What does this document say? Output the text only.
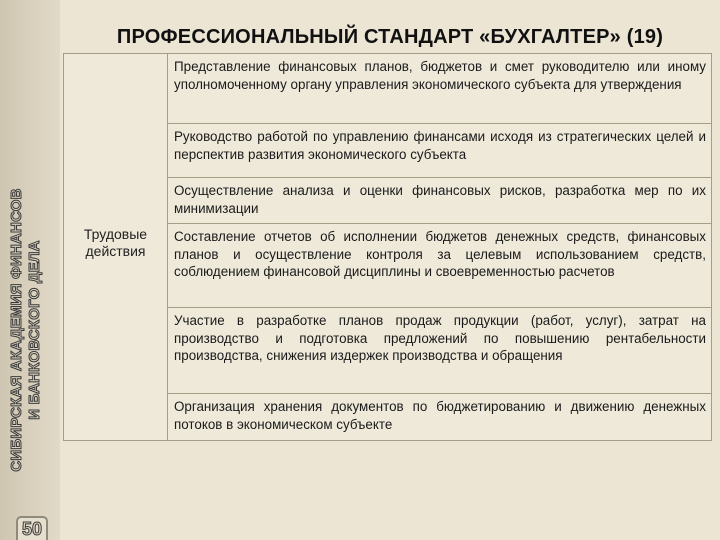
СИБИРСКАЯ АКАДЕМИЯ ФИНАНСОВ И БАНКОВСКОГО ДЕЛА
50
ПРОФЕССИОНАЛЬНЫЙ СТАНДАРТ «БУХГАЛТЕР» (19)
Трудовые действия
Представление финансовых планов, бюджетов и смет руководителю или иному уполномоченному органу управления экономического субъекта для утверждения
Руководство работой по управлению финансами исходя из стратегических целей и перспектив развития экономического субъекта
Осуществление анализа и оценки финансовых рисков, разработка мер по их минимизации
Составление отчетов об исполнении бюджетов денежных средств, финансовых планов и осуществление контроля за целевым использованием средств, соблюдением финансовой дисциплины и своевременностью расчетов
Участие в разработке планов продаж продукции (работ, услуг), затрат на производство и подготовка предложений по повышению рентабельности производства, снижения издержек производства и обращения
Организация хранения документов по бюджетированию и движению денежных потоков в экономическом субъекте
